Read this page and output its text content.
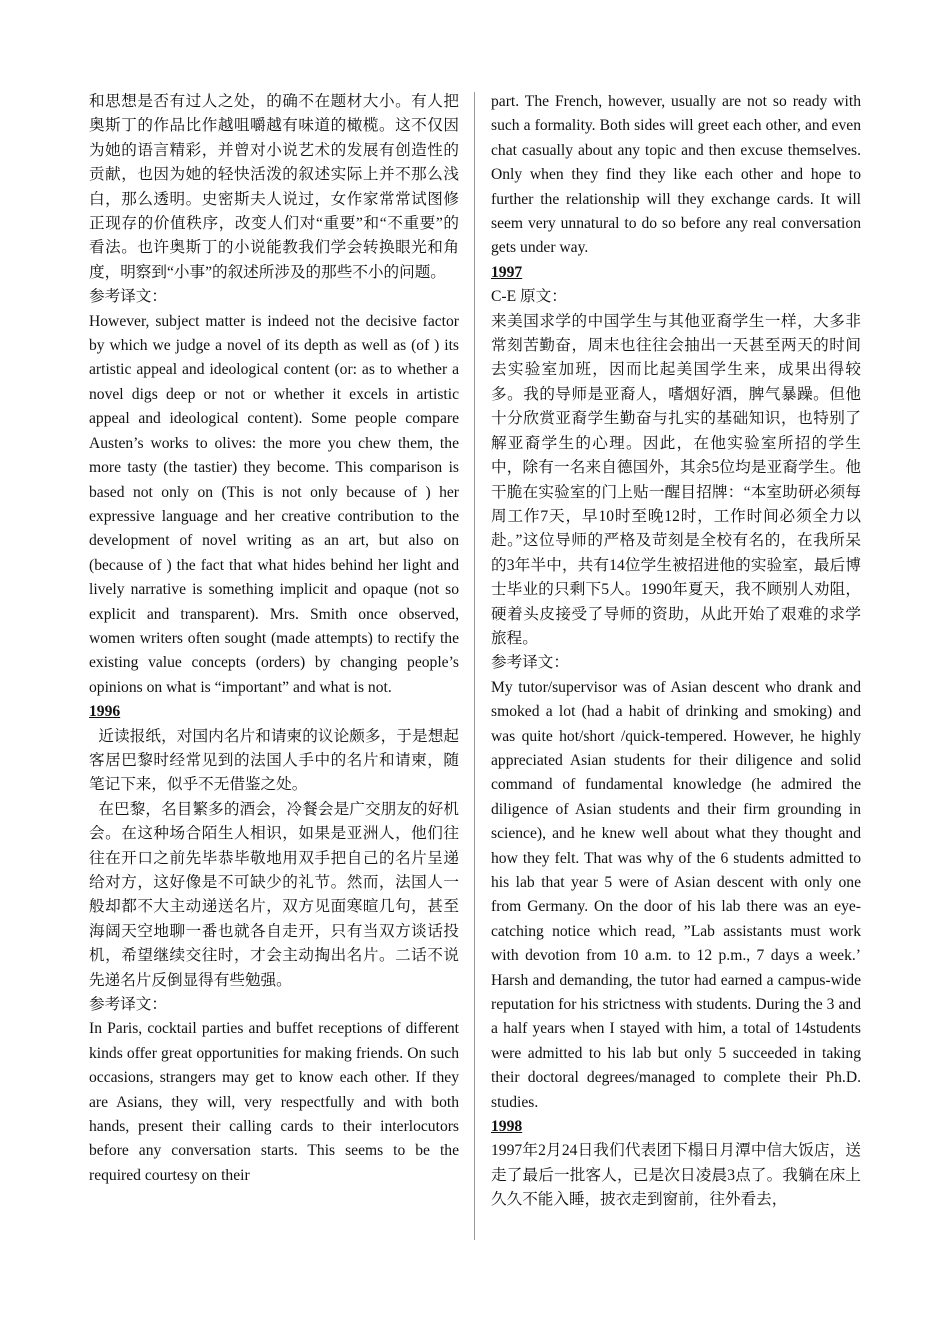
和思想是否有过人之处，的确不在题材大小。有人把奥斯丁的作品比作越咀嚼越有味道的橄榄。这不仅因为她的语言精彩，并曾对小说艺术的发展有创造性的贡献，也因为她的轻快活泼的叙述实际上并不那么浅白，那么透明。史密斯夫人说过，女作家常常试图修正现存的价值秩序，改变人们对“重要”和“不重要”的看法。也许奥斯丁的小说能教我们学会转换眼光和角度，明察到“小事”的叙述所涉及的那些不小的问题。

参考译文：

However, subject matter is indeed not the decisive factor by which we judge a novel of its depth as well as (of ) its artistic appeal and ideological content (or: as to whether a novel digs deep or not or whether it excels in artistic appeal and ideological content). Some people compare Austen’s works to olives: the more you chew them, the more tasty (the tastier) they become. This comparison is based not only on (This is not only because of ) her expressive language and her creative contribution to the development of novel writing as an art, but also on (because of ) the fact that what hides behind her light and lively narrative is something implicit and opaque (not so explicit and transparent). Mrs. Smith once observed, women writers often sought (made attempts) to rectify the existing value concepts (orders) by changing people’s opinions on what is “important” and what is not.

1996

近读报纸，对国内名片和请柬的议论颇多，于是想起客居巴黎时经常见到的法国人手中的名片和请柬，随笔记下来，似乎不无借鉴之处。

在巴黎，名目繁多的酒会，冷餐会是广交朋友的好机会。在这种场合陌生人相识，如果是亚洲人，他们往往在开口之前先毕恭毕敬地用双手把自己的名片呈递给对方，这好像是不可缺少的礼节。然而，法国人一般却都不大主动递送名片，双方见面寒暄几句，甚至海阔天空地聊一番也就各自走开，只有当双方谈话投机，希望继续交往时，才会主动掏出名片。二话不说先递名片反倒显得有些勉强。

参考译文：

In Paris, cocktail parties and buffet receptions of different kinds offer great opportunities for making friends. On such occasions, strangers may get to know each other. If they are Asians, they will, very respectfully and with both hands, present their calling cards to their interlocutors before any conversation starts. This seems to be the required courtesy on their

part. The French, however, usually are not so ready with such a formality. Both sides will greet each other, and even chat casually about any topic and then excuse themselves. Only when they find they like each other and hope to further the relationship will they exchange cards. It will seem very unnatural to do so before any real conversation gets under way.

1997

C-E 原文：

来美国求学的中国学生与其他亚裔学生一样，大多非常刻苦勤奋，周末也往往会抽出一天甚至两天的时间去实验室加班，因而比起美国学生来，成果出得较多。我的导师是亚裔人，嗜烟好酒，脾气暴躁。但他十分欣赏亚裔学生勤奋与扎实的基础知识，也特别了解亚裔学生的心理。因此，在他实验室所招的学生中，除有一名来自德国外，其余5位均是亚裔学生。他干脆在实验室的门上贴一醒目招牌：“本室助研必须每周工作7天，早10时至晚12时，工作时间必须全力以赴。”这位导师的严格及苛刻是全校有名的，在我所呆的3年半中，共有14位学生被招进他的实验室，最后博士毕业的只剩下5人。1990年夏天，我不顾别人劝阻，硬着头皮接受了导师的资助，从此开始了艰难的求学旅程。

参考译文：

My tutor/supervisor was of Asian descent who drank and smoked a lot (had a habit of drinking and smoking) and was quite hot/short /quick-tempered. However, he highly appreciated Asian students for their diligence and solid command of fundamental knowledge (he admired the diligence of Asian students and their firm grounding in science), and he knew well about what they thought and how they felt. That was why of the 6 students admitted to his lab that year 5 were of Asian descent with only one from Germany. On the door of his lab there was an eye-catching notice which read, ”Lab assistants must work with devotion from 10 a.m. to 12 p.m., 7 days a week.’ Harsh and demanding, the tutor had earned a campus-wide reputation for his strictness with students. During the 3 and a half years when I stayed with him, a total of 14students were admitted to his lab but only 5 succeeded in taking their doctoral degrees/managed to complete their Ph.D. studies.

1998

1997年2月24日我们代表团下榻日月潭中信大饭店，送走了最后一批客人，已是次日凌晨3点了。我躺在床上久久不能入睡，披衣走到窗前，往外看去，
